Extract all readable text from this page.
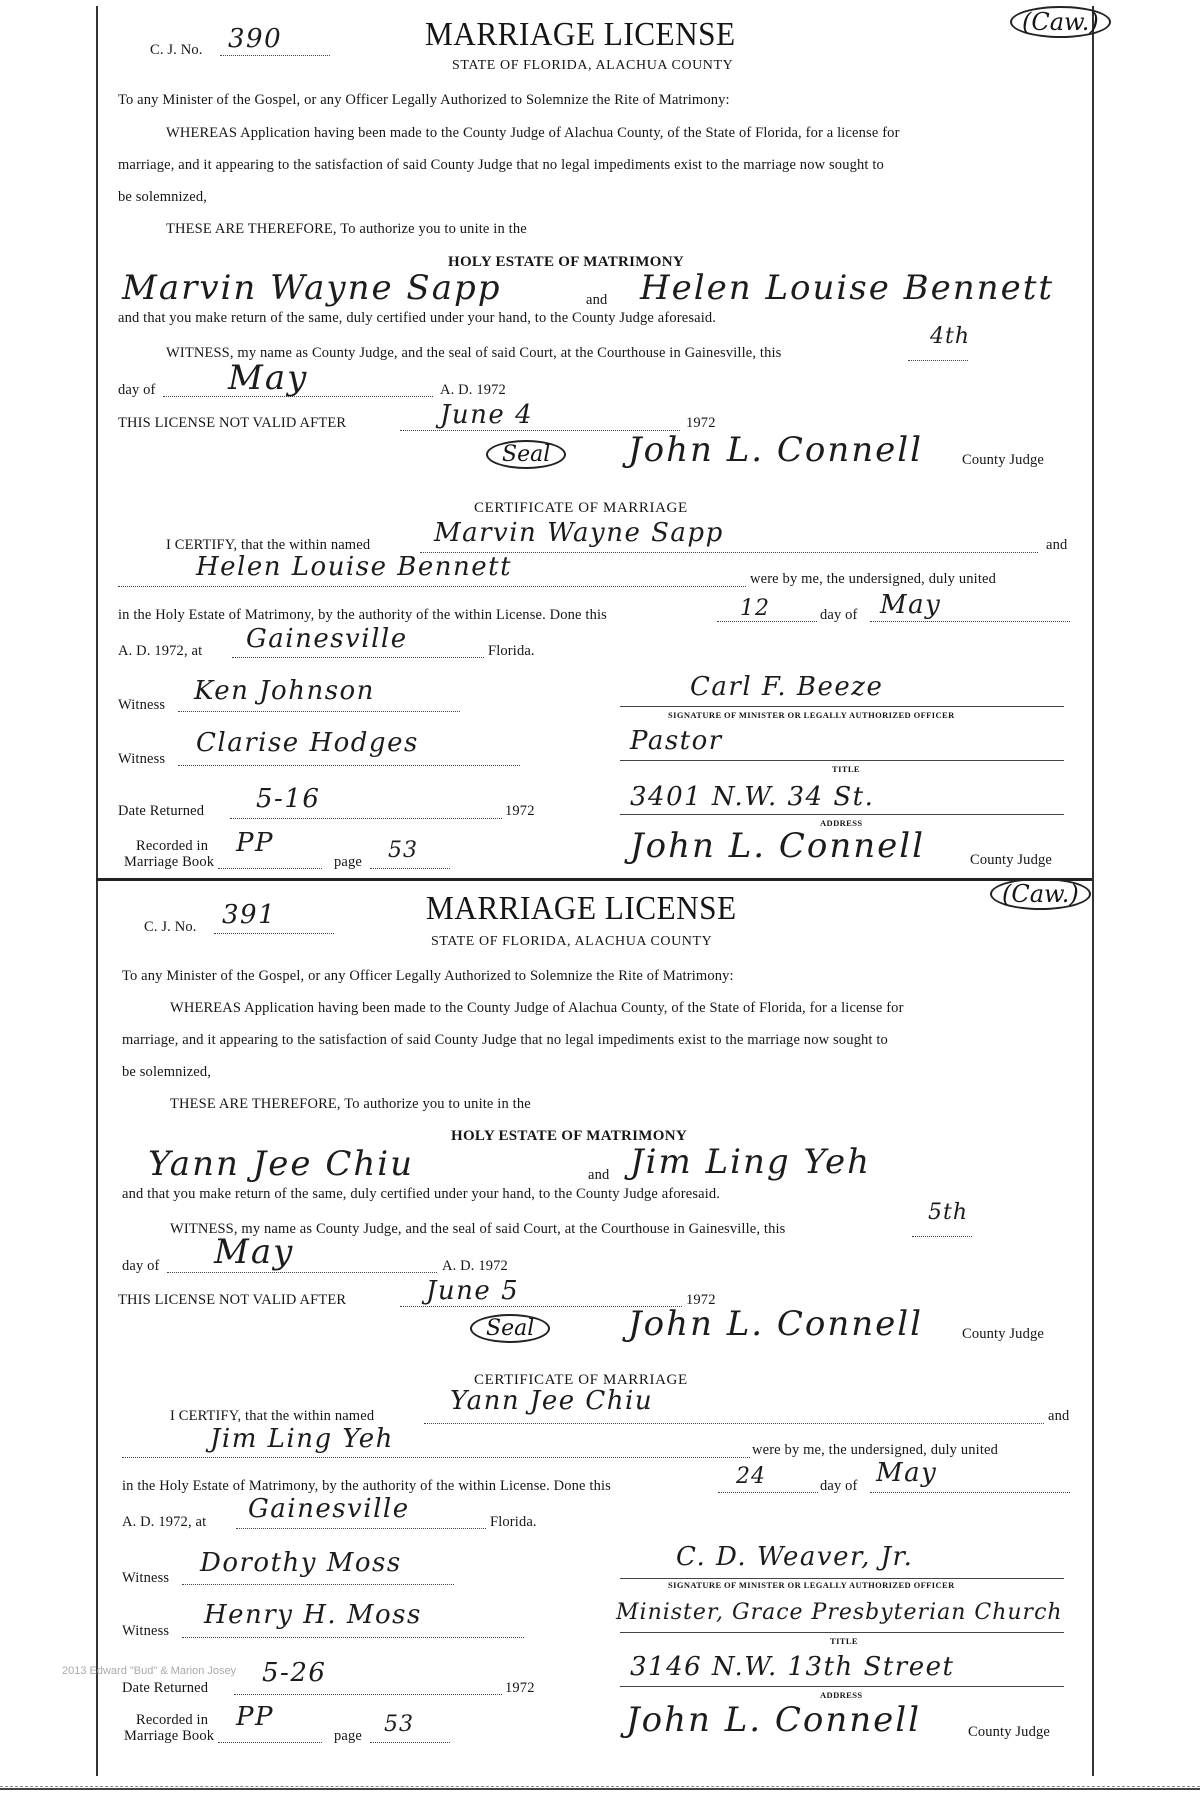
C. J. No. 390	MARRIAGE LICENSE
STATE OF FLORIDA, ALACHUA COUNTY
(Caw.)
To any Minister of the Gospel, or any Officer Legally Authorized to Solemnize the Rite of Matrimony:
WHEREAS Application having been made to the County Judge of Alachua County, of the State of Florida, for a license for
marriage, and it appearing to the satisfaction of said County Judge that no legal impediments exist to the marriage now sought to
be solemnized,
THESE ARE THEREFORE, To authorize you to unite in the
HOLY ESTATE OF MATRIMONY
Marvin Wayne Sapp	and Helen Louise Bennett
and that you make return of the same, duly certified under your hand, to the County Judge aforesaid.
WITNESS, my name as County Judge, and the seal of said Court, at the Courthouse in Gainesville, this
4th
day of May	A. D. 1972
THIS LICENSE NOT VALID AFTER	June 4	1972
Seal	John L. Connell	County Judge
CERTIFICATE OF MARRIAGE
I CERTIFY, that the within named Marvin Wayne Sapp	and
Helen Louise Bennett	were by me, the undersigned, duly united
in the Holy Estate of Matrimony, by the authority of the within License. Done this	12	day of May
A. D. 1972, at Gainesville	Florida.
Witness Ken Johnson	Carl F. Beeze
SIGNATURE OF MINISTER OR LEGALLY AUTHORIZED OFFICER
Witness
Clarise Hodges	Pastor
TITLE
Date Returned 5-16	1972	3401 N.W. 34 St.
ADDRESS
Recorded in
Marriage Book
PP
page 53	John L. Connell	County Judge
C. J. No. 391	MARRIAGE LICENSE
STATE OF FLORIDA, ALACHUA COUNTY
(Caw.)
To any Minister of the Gospel, or any Officer Legally Authorized to Solemnize the Rite of Matrimony:
WHEREAS Application having been made to the County Judge of Alachua County, of the State of Florida, for a license for
marriage, and it appearing to the satisfaction of said County Judge that no legal impediments exist to the marriage now sought to
be solemnized,
THESE ARE THEREFORE, To authorize you to unite in the
HOLY ESTATE OF MATRIMONY
Yann Jee Chiu	and Jim Ling Yeh
and that you make return of the same, duly certified under your hand, to the County Judge aforesaid.
WITNESS, my name as County Judge, and the seal of said Court, at the Courthouse in Gainesville, this
5th
day of May	A. D. 1972
THIS LICENSE NOT VALID AFTER	June 5	1972
Seal	John L. Connell	County Judge
CERTIFICATE OF MARRIAGE
I CERTIFY, that the within named	Yann Jee Chiu	and
Jim Ling Yeh	were by me, the undersigned, duly united
in the Holy Estate of Matrimony, by the authority of the within License. Done this	24	day of May
A. D. 1972, at Gainesville	Florida.
Witness Dorothy Moss	C. D. Weaver, Jr.
SIGNATURE OF MINISTER OR LEGALLY AUTHORIZED OFFICER
Witness
Henry H. Moss	Minister, Grace Presbyterian Church
TITLE
Date Returned 5-26	1972
3146 N.W. 13th Street
ADDRESS
Recorded in
Marriage Book
PP
page 53	John L. Connell	County Judge
2013 Edward "Bud" & Marion Josey
